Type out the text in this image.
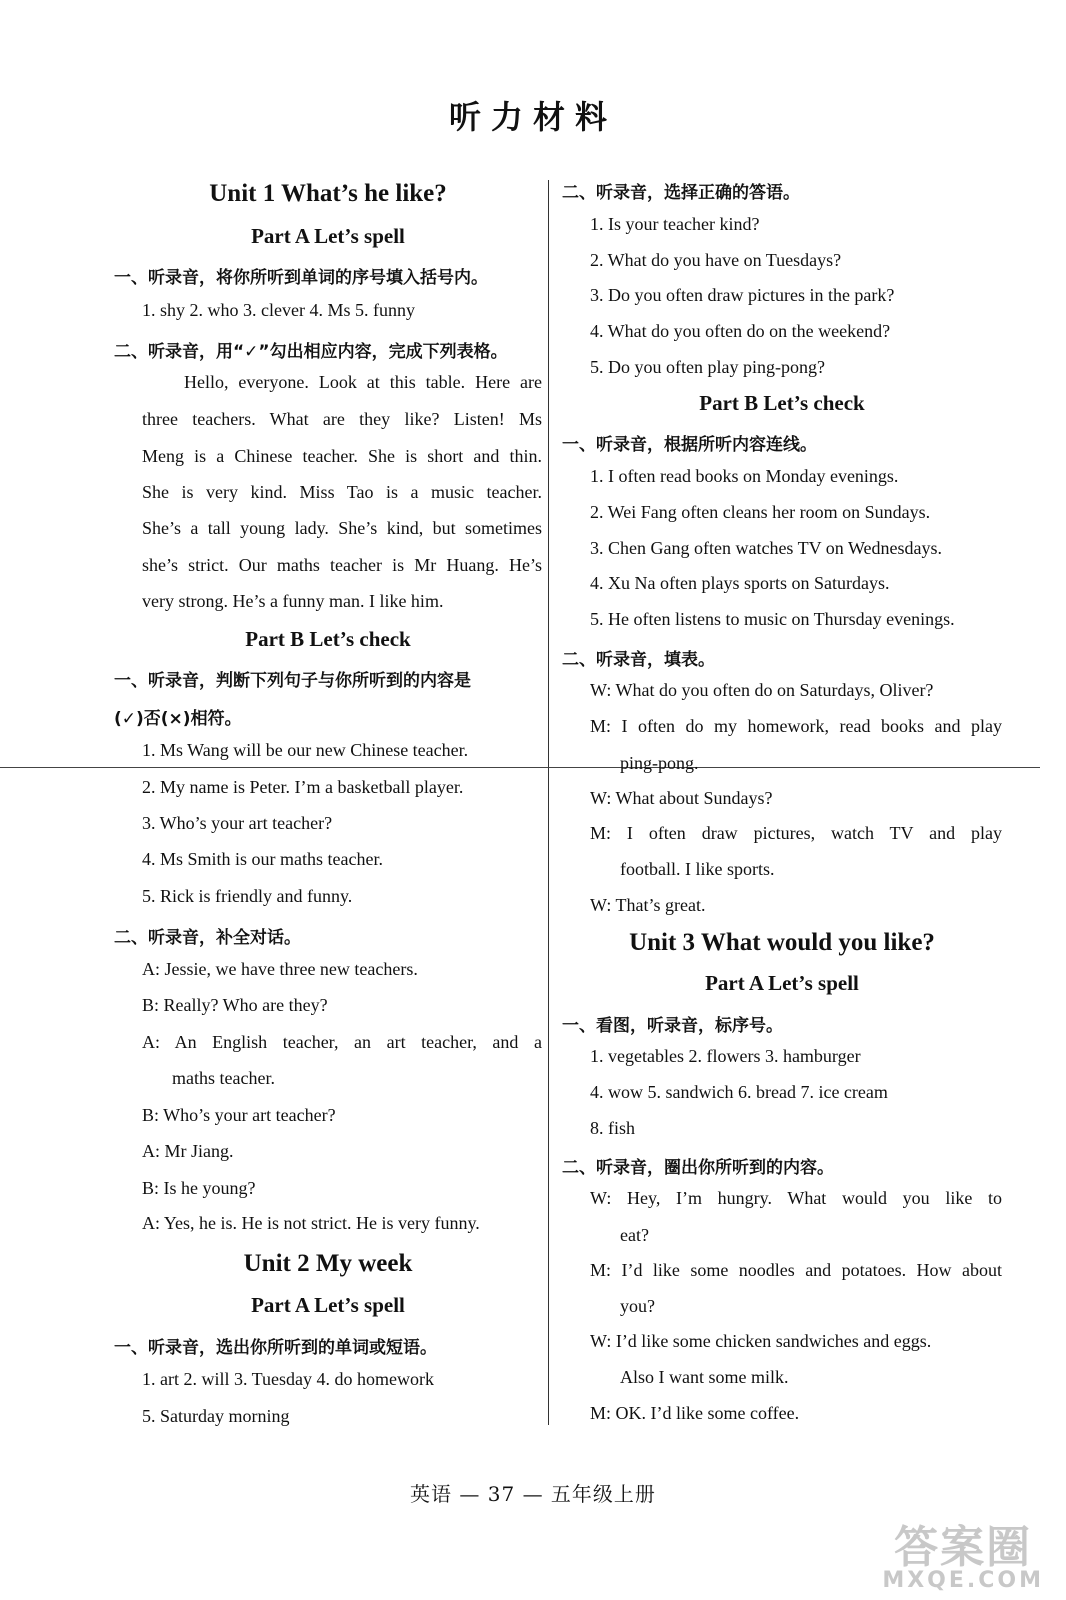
听力材料
Unit 1 What’s he like?
Part A Let’s spell
一、听录音，将你所听到单词的序号填入括号内。
1. shy 2. who 3. clever 4. Ms 5. funny
二、听录音，用“✓”勾出相应内容，完成下列表格。
Hello, everyone. Look at this table. Here are
three teachers. What are they like? Listen! Ms
Meng is a Chinese teacher. She is short and thin.
She is very kind. Miss Tao is a music teacher.
She’s a tall young lady. She’s kind, but sometimes
she’s strict. Our maths teacher is Mr Huang. He’s
very strong. He’s a funny man. I like him.
Part B Let’s check
一、听录音，判断下列句子与你所听到的内容是
(✓)否(×)相符。
1. Ms Wang will be our new Chinese teacher.
2. My name is Peter. I’m a basketball player.
3. Who’s your art teacher?
4. Ms Smith is our maths teacher.
5. Rick is friendly and funny.
二、听录音，补全对话。
A: Jessie, we have three new teachers.
B: Really? Who are they?
A: An English teacher, an art teacher, and a
maths teacher.
B: Who’s your art teacher?
A: Mr Jiang.
B: Is he young?
A: Yes, he is. He is not strict. He is very funny.
Unit 2 My week
Part A Let’s spell
一、听录音，选出你所听到的单词或短语。
1. art 2. will 3. Tuesday 4. do homework
5. Saturday morning
二、听录音，选择正确的答语。
1. Is your teacher kind?
2. What do you have on Tuesdays?
3. Do you often draw pictures in the park?
4. What do you often do on the weekend?
5. Do you often play ping-pong?
Part B Let’s check
一、听录音，根据所听内容连线。
1. I often read books on Monday evenings.
2. Wei Fang often cleans her room on Sundays.
3. Chen Gang often watches TV on Wednesdays.
4. Xu Na often plays sports on Saturdays.
5. He often listens to music on Thursday evenings.
二、听录音，填表。
W: What do you often do on Saturdays, Oliver?
M: I often do my homework, read books and play
ping-pong.
W: What about Sundays?
M: I often draw pictures, watch TV and play
football. I like sports.
W: That’s great.
Unit 3 What would you like?
Part A Let’s spell
一、看图，听录音，标序号。
1. vegetables 2. flowers 3. hamburger
4. wow 5. sandwich 6. bread 7. ice cream
8. fish
二、听录音，圈出你所听到的内容。
W: Hey, I’m hungry. What would you like to
eat?
M: I’d like some noodles and potatoes. How about
you?
W: I’d like some chicken sandwiches and eggs.
Also I want some milk.
M: OK. I’d like some coffee.
英语 — 37 — 五年级上册
答案圈
MXQE.COM
